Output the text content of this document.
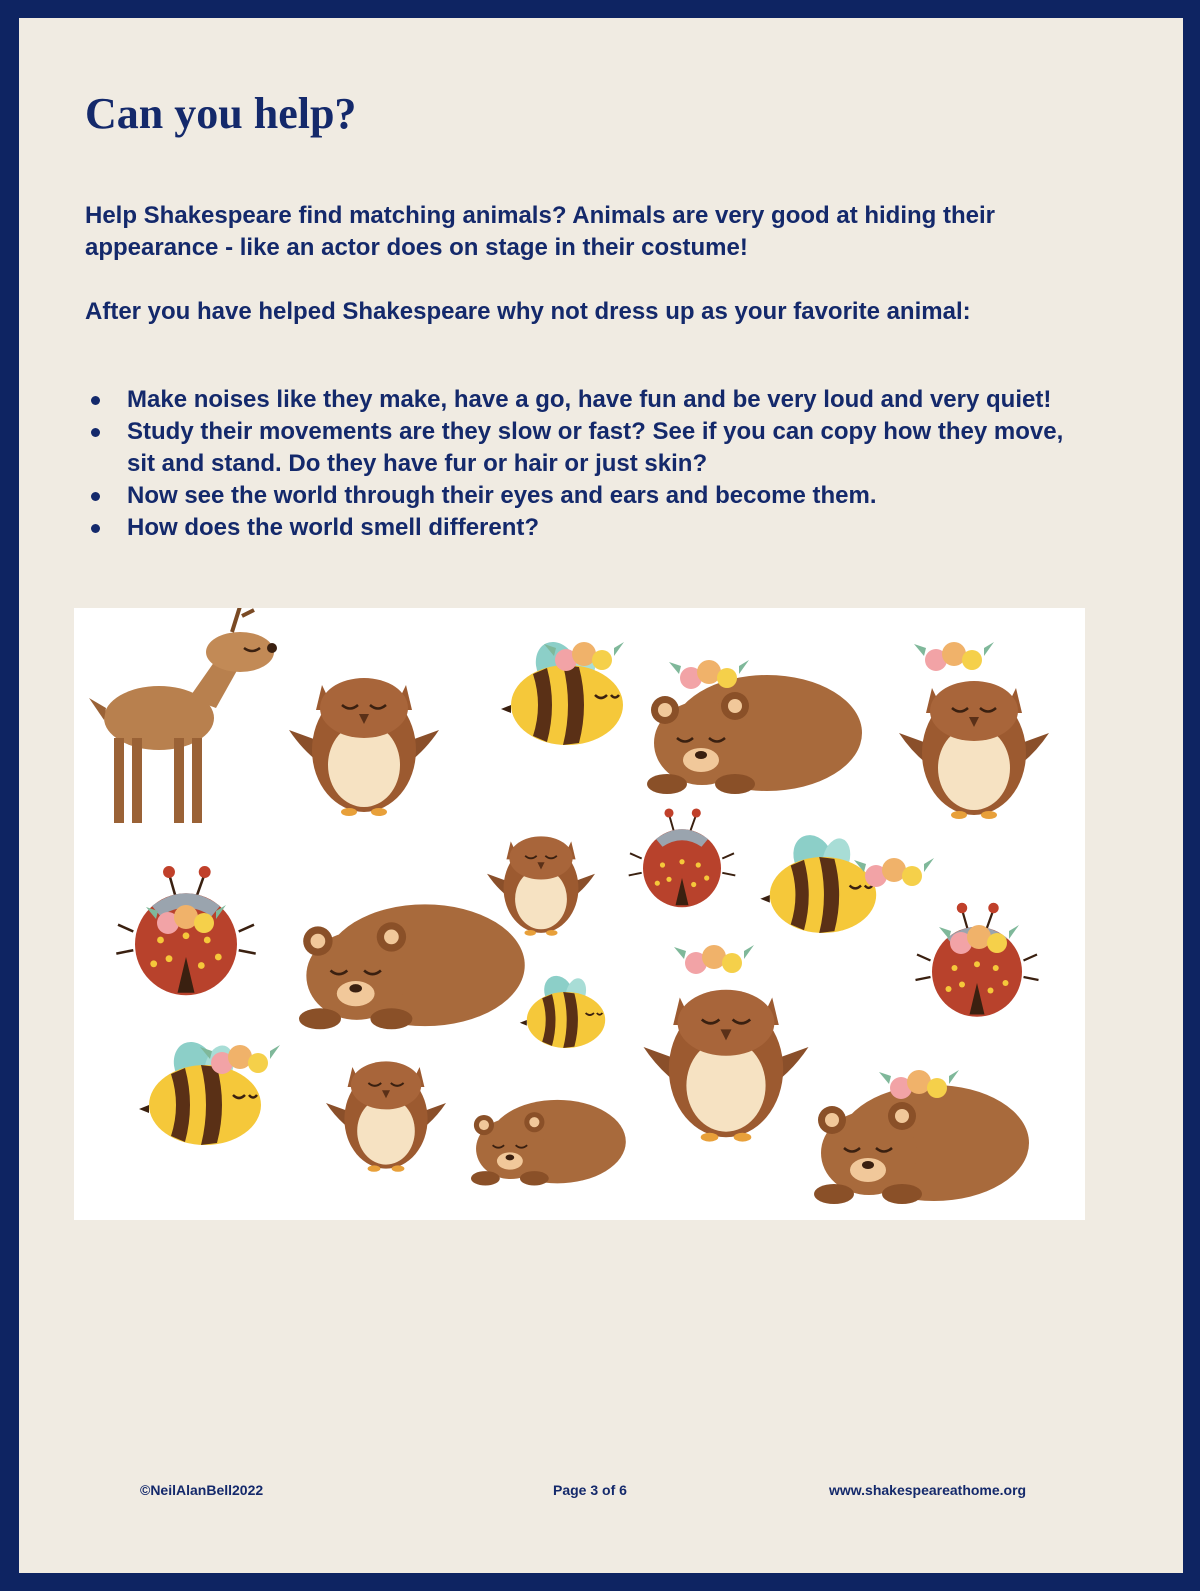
Can you help?

Help Shakespeare find matching animals? Animals are very good at hiding their appearance - like an actor does on stage in their costume!

After you have helped Shakespeare why not dress up as your favorite animal:

Make noises like they make, have a go, have fun and be very loud and very quiet!
Study their movements are they slow or fast? See if you can copy how they move, sit and stand. Do they have fur or hair or just skin?
Now see the world through their eyes and ears and become them.
How does the world smell different?
©NeilAlanBell2022	Page 3 of 6	www.shakespeareathome.org
